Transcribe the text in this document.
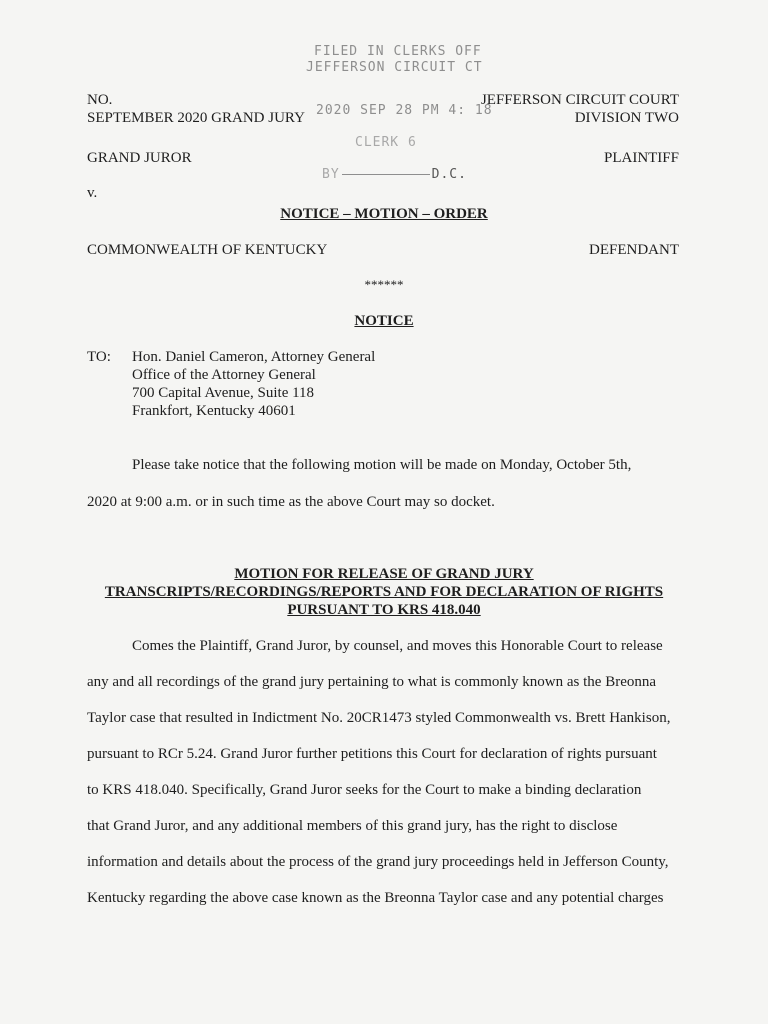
FILED IN CLERKS OFF
JEFFERSON CIRCUIT CT
2020 SEP 28 PM 4: 18
CLERK 6
BY	D.C.
NO.
SEPTEMBER 2020 GRAND JURY
JEFFERSON CIRCUIT COURT
DIVISION TWO
GRAND JUROR	PLAINTIFF
v.
NOTICE – MOTION – ORDER
COMMONWEALTH OF KENTUCKY	DEFENDANT
******
NOTICE
TO: Hon. Daniel Cameron, Attorney General
Office of the Attorney General
700 Capital Avenue, Suite 118
Frankfort, Kentucky 40601
Please take notice that the following motion will be made on Monday, October 5th,
2020 at 9:00 a.m. or in such time as the above Court may so docket.
MOTION FOR RELEASE OF GRAND JURY
TRANSCRIPTS/RECORDINGS/REPORTS AND FOR DECLARATION OF RIGHTS
PURSUANT TO KRS 418.040
Comes the Plaintiff, Grand Juror, by counsel, and moves this Honorable Court to release
any and all recordings of the grand jury pertaining to what is commonly known as the Breonna
Taylor case that resulted in Indictment No. 20CR1473 styled Commonwealth vs. Brett Hankison,
pursuant to RCr 5.24. Grand Juror further petitions this Court for declaration of rights pursuant
to KRS 418.040. Specifically, Grand Juror seeks for the Court to make a binding declaration
that Grand Juror, and any additional members of this grand jury, has the right to disclose
information and details about the process of the grand jury proceedings held in Jefferson County,
Kentucky regarding the above case known as the Breonna Taylor case and any potential charges
